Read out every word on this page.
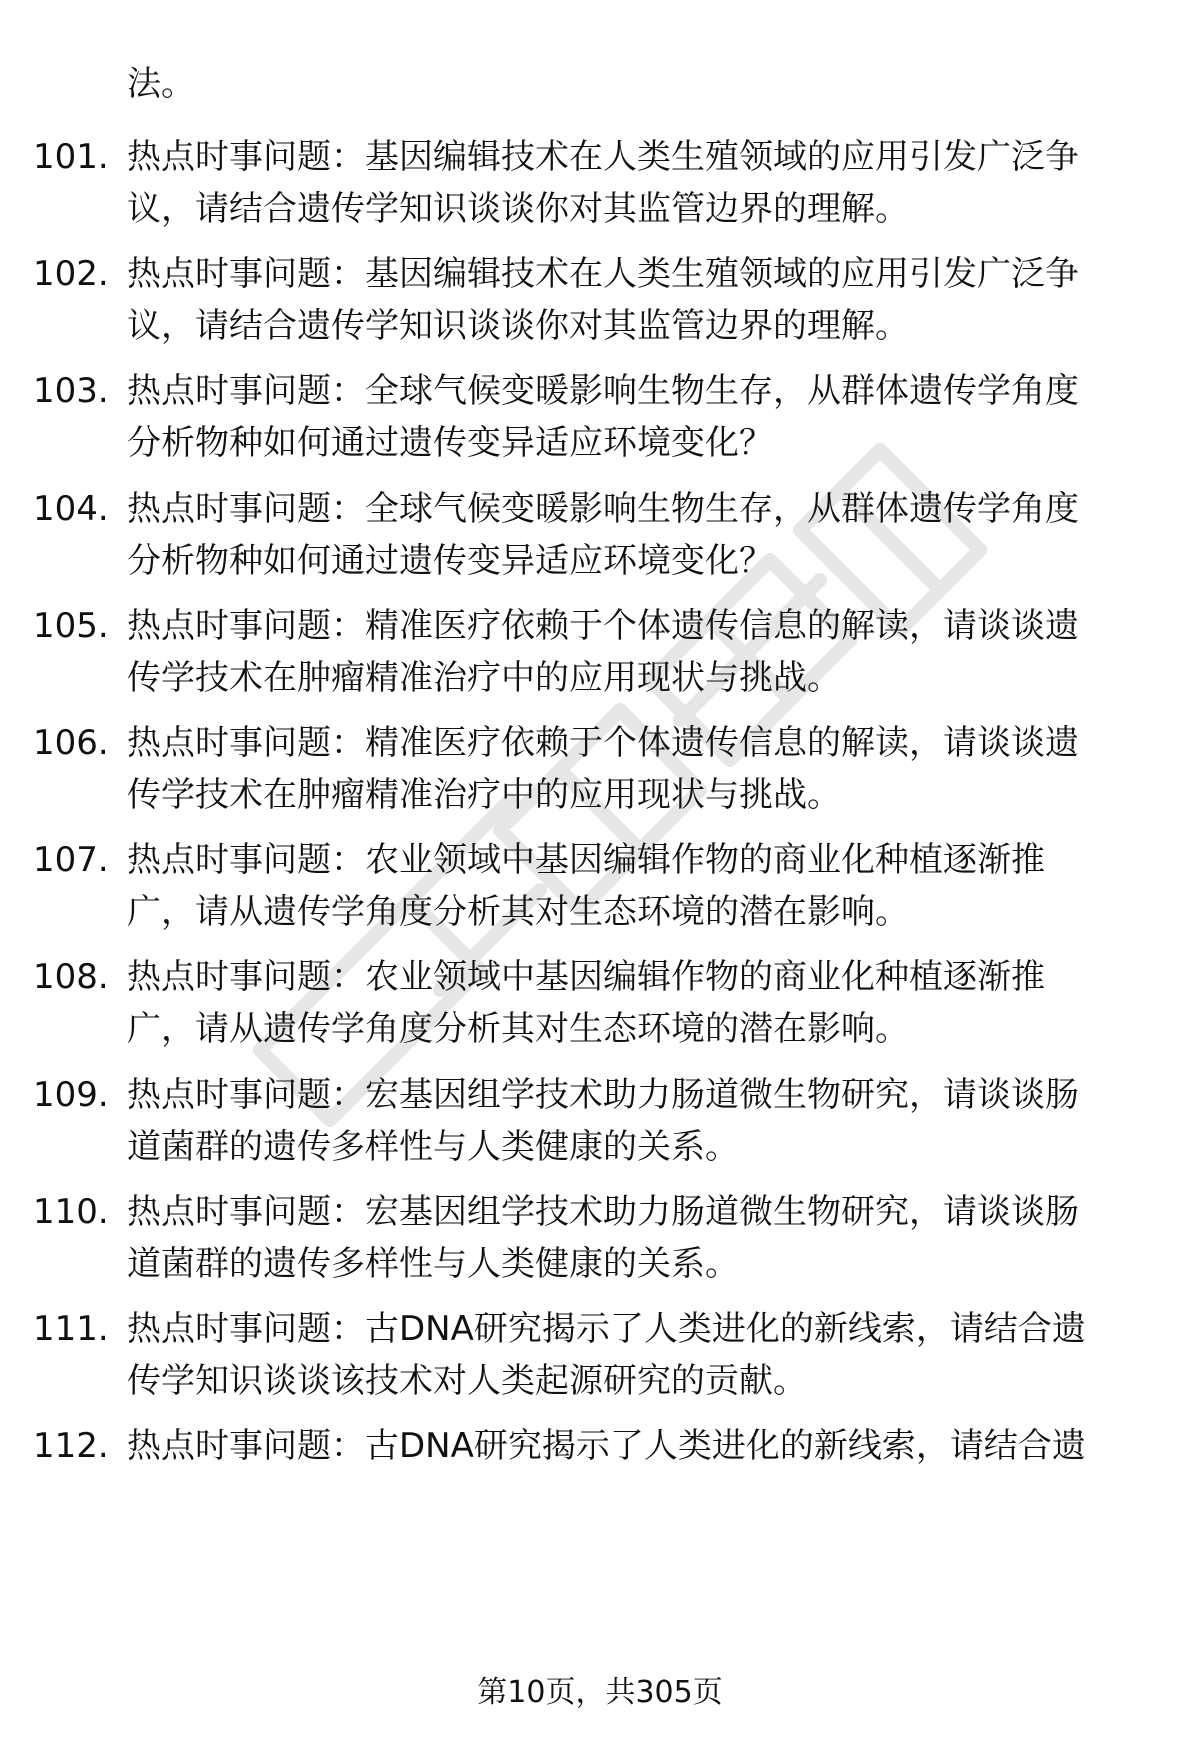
法。
101. 热点时事问题：基因编辑技术在人类生殖领域的应用引发广泛争
议，请结合遗传学知识谈谈你对其监管边界的理解。
102. 热点时事问题：基因编辑技术在人类生殖领域的应用引发广泛争
议，请结合遗传学知识谈谈你对其监管边界的理解。
103. 热点时事问题：全球气候变暖影响生物生存，从群体遗传学角度
分析物种如何通过遗传变异适应环境变化？
104. 热点时事问题：全球气候变暖影响生物生存，从群体遗传学角度
分析物种如何通过遗传变异适应环境变化？
105. 热点时事问题：精准医疗依赖于个体遗传信息的解读，请谈谈遗
传学技术在肿瘤精准治疗中的应用现状与挑战。
106. 热点时事问题：精准医疗依赖于个体遗传信息的解读，请谈谈遗
传学技术在肿瘤精准治疗中的应用现状与挑战。
107. 热点时事问题：农业领域中基因编辑作物的商业化种植逐渐推
广，请从遗传学角度分析其对生态环境的潜在影响。
108. 热点时事问题：农业领域中基因编辑作物的商业化种植逐渐推
广，请从遗传学角度分析其对生态环境的潜在影响。
109. 热点时事问题：宏基因组学技术助力肠道微生物研究，请谈谈肠
道菌群的遗传多样性与人类健康的关系。
110. 热点时事问题：宏基因组学技术助力肠道微生物研究，请谈谈肠
道菌群的遗传多样性与人类健康的关系。
111. 热点时事问题：古DNA研究揭示了人类进化的新线索，请结合遗
传学知识谈谈该技术对人类起源研究的贡献。
112. 热点时事问题：古DNA研究揭示了人类进化的新线索，请结合遗
第10页，共305页
